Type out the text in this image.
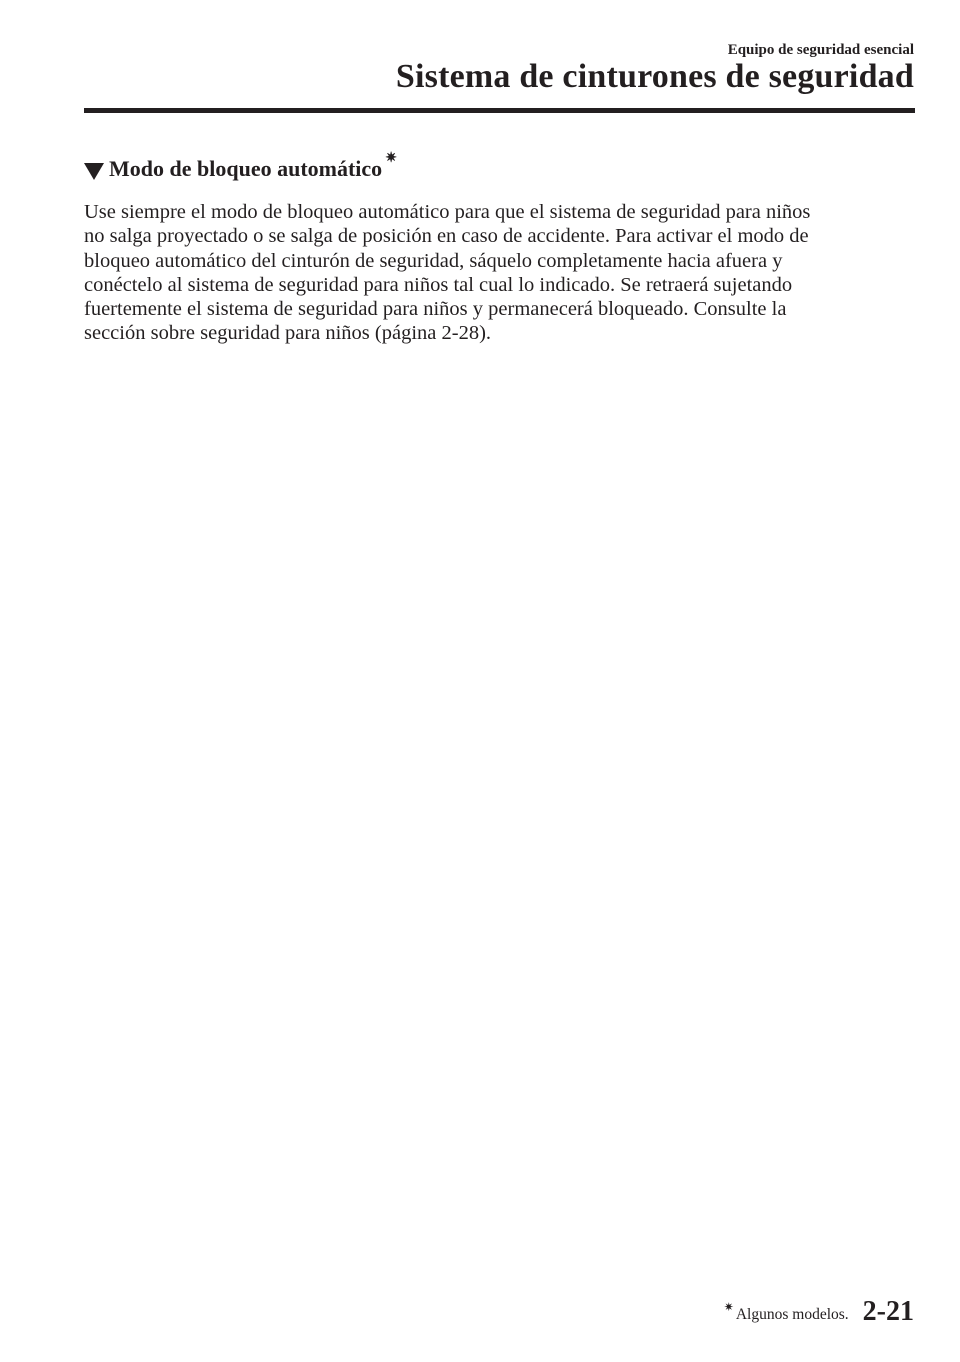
Equipo de seguridad esencial
Sistema de cinturones de seguridad
Modo de bloqueo automático ✷

Use siempre el modo de bloqueo automático para que el sistema de seguridad para niños
no salga proyectado o se salga de posición en caso de accidente. Para activar el modo de
bloqueo automático del cinturón de seguridad, sáquelo completamente hacia afuera y
conéctelo al sistema de seguridad para niños tal cual lo indicado. Se retraerá sujetando
fuertemente el sistema de seguridad para niños y permanecerá bloqueado. Consulte la
sección sobre seguridad para niños (página 2-28).

✷ Algunos modelos. 2-21
